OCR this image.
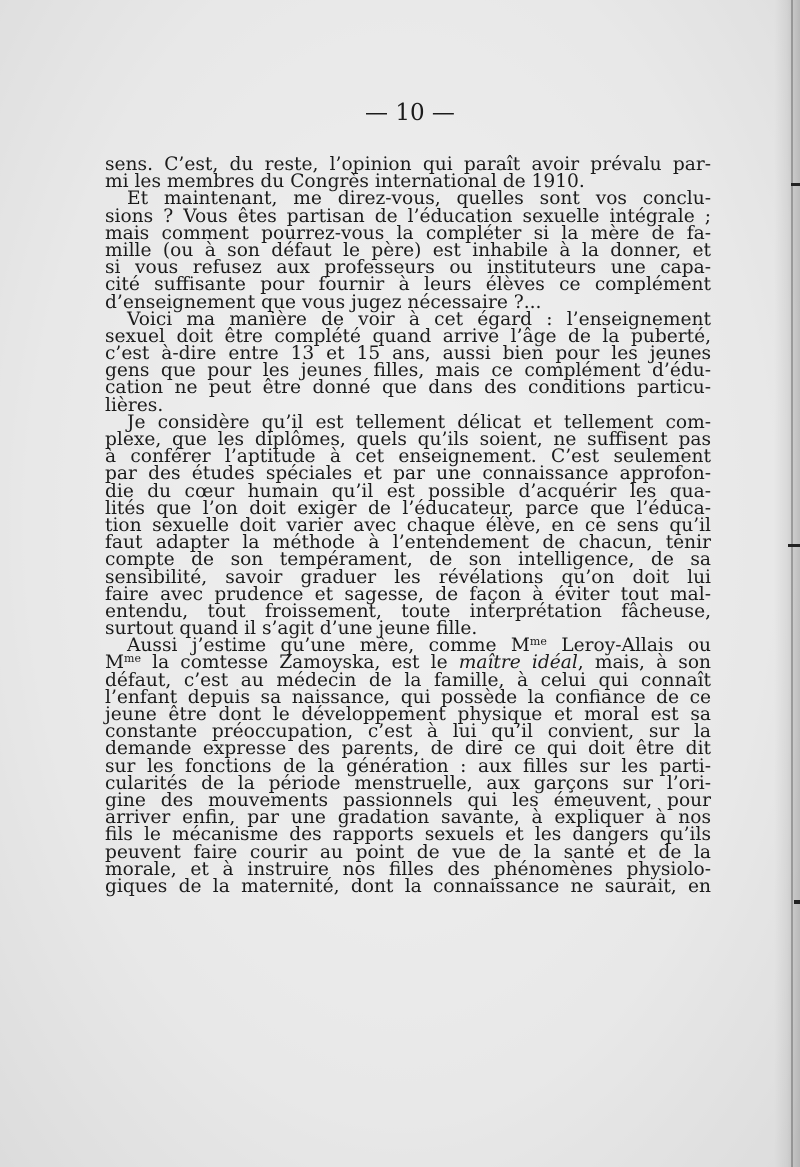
— 10 —
sens. C’est, du reste, l’opinion qui paraît avoir prévalu par-
mi les membres du Congrès international de 1910.
Et maintenant, me direz-vous, quelles sont vos conclu-
sions ? Vous êtes partisan de l’éducation sexuelle intégrale ;
mais comment pourrez-vous la compléter si la mère de fa-
mille (ou à son défaut le père) est inhabile à la donner, et
si vous refusez aux professeurs ou instituteurs une capa-
cité suffisante pour fournir à leurs élèves ce complément
d’enseignement que vous jugez nécessaire ?...
Voici ma manière de voir à cet égard : l’enseignement
sexuel doit être complété quand arrive l’âge de la puberté,
c’est à-dire entre 13 et 15 ans, aussi bien pour les jeunes
gens que pour les jeunes filles, mais ce complément d’édu-
cation ne peut être donné que dans des conditions particu-
lières.
Je considère qu’il est tellement délicat et tellement com-
plexe, que les diplômes, quels qu’ils soient, ne suffisent pas
à conférer l’aptitude à cet enseignement. C’est seulement
par des études spéciales et par une connaissance approfon-
die du cœur humain qu’il est possible d’acquérir les qua-
lités que l’on doit exiger de l’éducateur, parce que l’éduca-
tion sexuelle doit varier avec chaque élève, en ce sens qu’il
faut adapter la méthode à l’entendement de chacun, tenir
compte de son tempérament, de son intelligence, de sa
sensibilité, savoir graduer les révélations qu’on doit lui
faire avec prudence et sagesse, de façon à éviter tout mal-
entendu, tout froissement, toute interprétation fâcheuse,
surtout quand il s’agit d’une jeune fille.
Aussi j’estime qu’une mère, comme $M^{me}$ Leroy-Allais ou
$M^{me}$ la comtesse Zamoyska, est le maître idéal, mais, à son
défaut, c’est au médecin de la famille, à celui qui connaît
l’enfant depuis sa naissance, qui possède la confiance de ce
jeune être dont le développement physique et moral est sa
constante préoccupation, c’est à lui qu’il convient, sur la
demande expresse des parents, de dire ce qui doit être dit
sur les fonctions de la génération : aux filles sur les parti-
cularités de la période menstruelle, aux garçons sur l’ori-
gine des mouvements passionnels qui les émeuvent, pour
arriver enfin, par une gradation savante, à expliquer à nos
fils le mécanisme des rapports sexuels et les dangers qu’ils
peuvent faire courir au point de vue de la santé et de la
morale, et à instruire nos filles des phénomènes physiolo-
giques de la maternité, dont la connaissance ne saurait, en
